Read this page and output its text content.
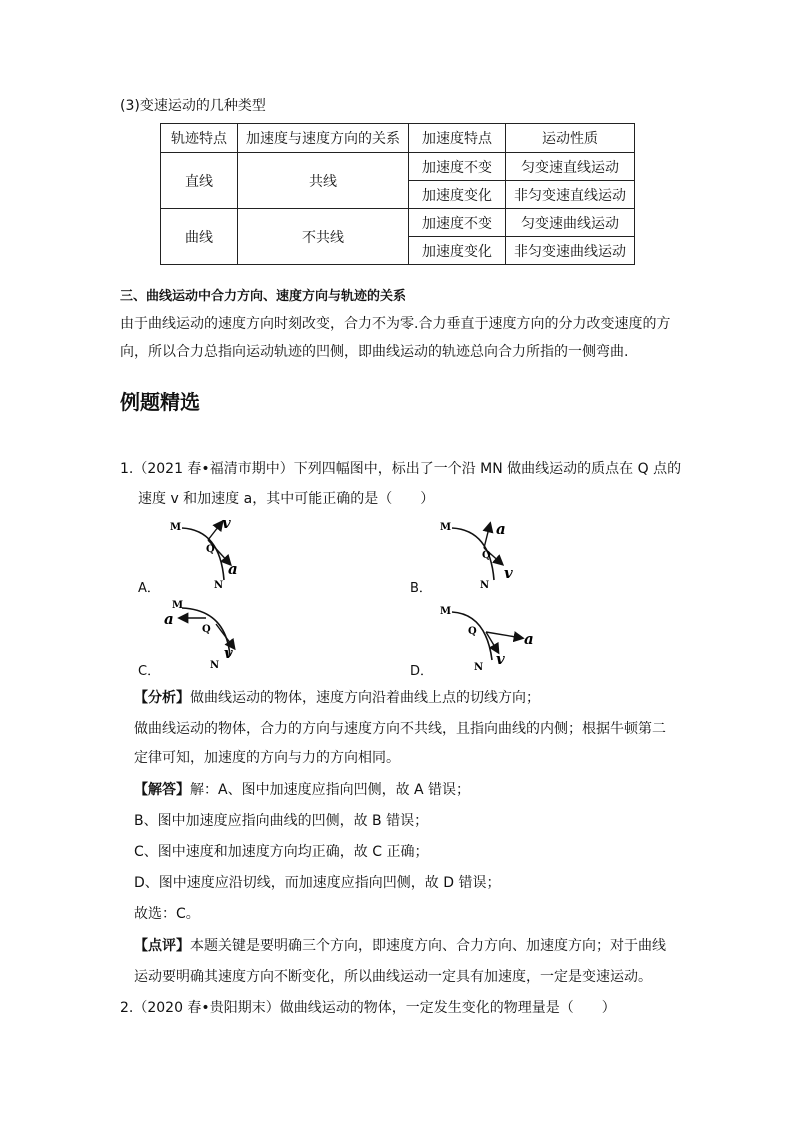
(3)变速运动的几种类型
轨迹特点	加速度与速度方向的关系	加速度特点	运动性质
直线	共线	加速度不变	匀变速直线运动
		加速度变化	非匀变速直线运动
曲线	不共线	加速度不变	匀变速曲线运动
		加速度变化	非匀变速曲线运动
三、曲线运动中合力方向、速度方向与轨迹的关系
由于曲线运动的速度方向时刻改变，合力不为零.合力垂直于速度方向的分力改变速度的方
向，所以合力总指向运动轨迹的凹侧，即曲线运动的轨迹总向合力所指的一侧弯曲.
例题精选
1.（2021 春•福清市期中）下列四幅图中，标出了一个沿 MN 做曲线运动的质点在 Q 点的
速度 v 和加速度 a，其中可能正确的是（　　）
M
Q
N
v
a
A．
M
Q
N
a
v
B．
M
Q
N
a
v
C．
M
Q
N
a
v
D．
【分析】做曲线运动的物体，速度方向沿着曲线上点的切线方向；
做曲线运动的物体，合力的方向与速度方向不共线，且指向曲线的内侧；根据牛顿第二
定律可知，加速度的方向与力的方向相同。
【解答】解：A、图中加速度应指向凹侧，故 A 错误；
B、图中加速度应指向曲线的凹侧，故 B 错误；
C、图中速度和加速度方向均正确，故 C 正确；
D、图中速度应沿切线，而加速度应指向凹侧，故 D 错误；
故选：C。
【点评】本题关键是要明确三个方向，即速度方向、合力方向、加速度方向；对于曲线
运动要明确其速度方向不断变化，所以曲线运动一定具有加速度，一定是变速运动。
2.（2020 春•贵阳期末）做曲线运动的物体，一定发生变化的物理量是（　　）
